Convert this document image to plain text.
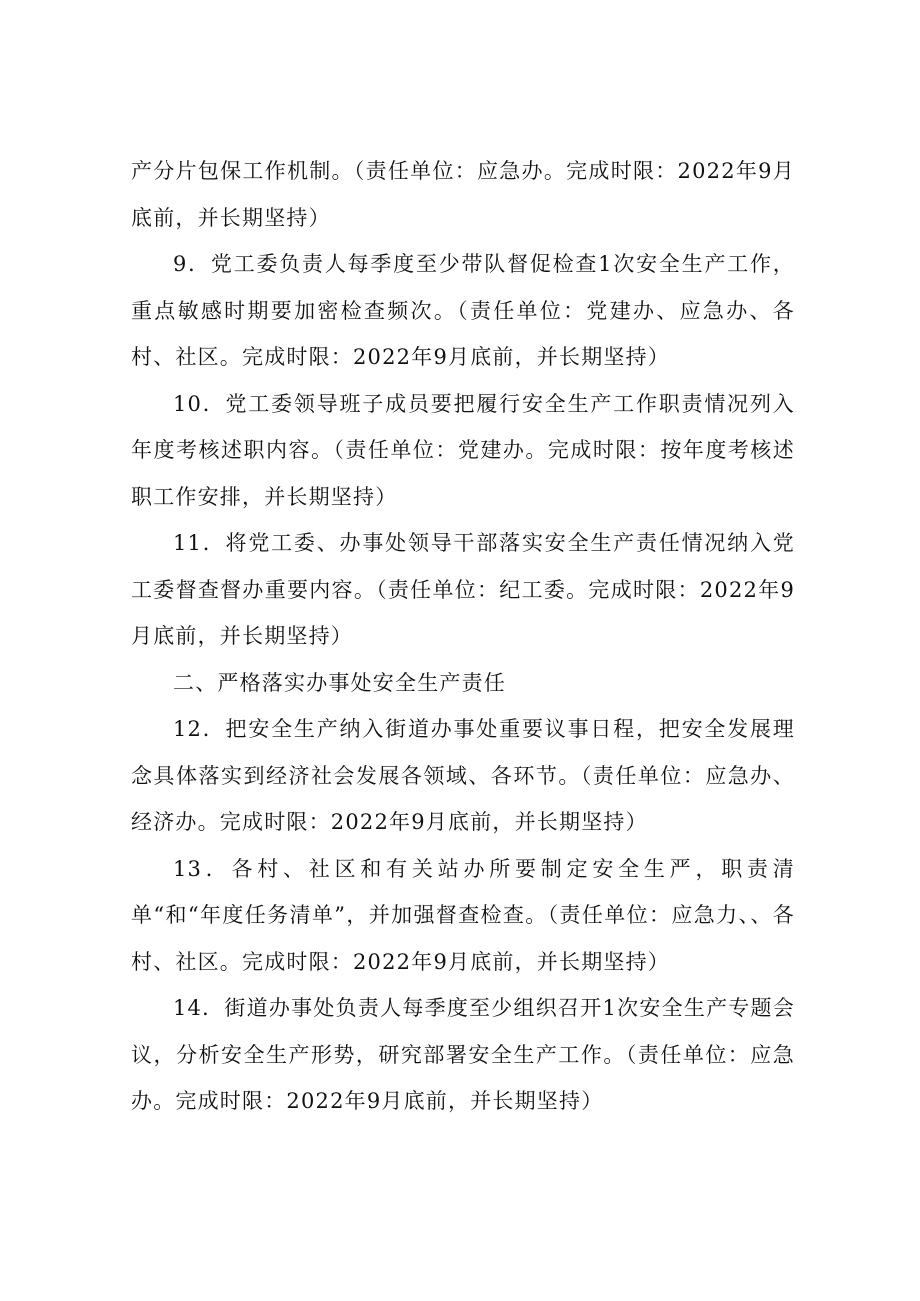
产分片包保工作机制。（责任单位：应急办。完成时限：2022年9月底前，并长期坚持）

9．党工委负责人每季度至少带队督促检查1次安全生产工作，重点敏感时期要加密检查频次。（责任单位：党建办、应急办、各村、社区。完成时限：2022年9月底前，并长期坚持）

10．党工委领导班子成员要把履行安全生产工作职责情况列入年度考核述职内容。（责任单位：党建办。完成时限：按年度考核述职工作安排，并长期坚持）

11．将党工委、办事处领导干部落实安全生产责任情况纳入党工委督查督办重要内容。（责任单位：纪工委。完成时限：2022年9月底前，并长期坚持）

二、严格落实办事处安全生产责任

12．把安全生产纳入街道办事处重要议事日程，把安全发展理念具体落实到经济社会发展各领域、各环节。（责任单位：应急办、经济办。完成时限：2022年9月底前，并长期坚持）

13．各村、社区和有关站办所要制定安全生严，职责清单“和“年度任务清单”，并加强督查检查。（责任单位：应急力、、各村、社区。完成时限：2022年9月底前，并长期坚持）

14．街道办事处负责人每季度至少组织召开1次安全生产专题会议，分析安全生产形势，研究部署安全生产工作。（责任单位：应急办。完成时限：2022年9月底前，并长期坚持）
